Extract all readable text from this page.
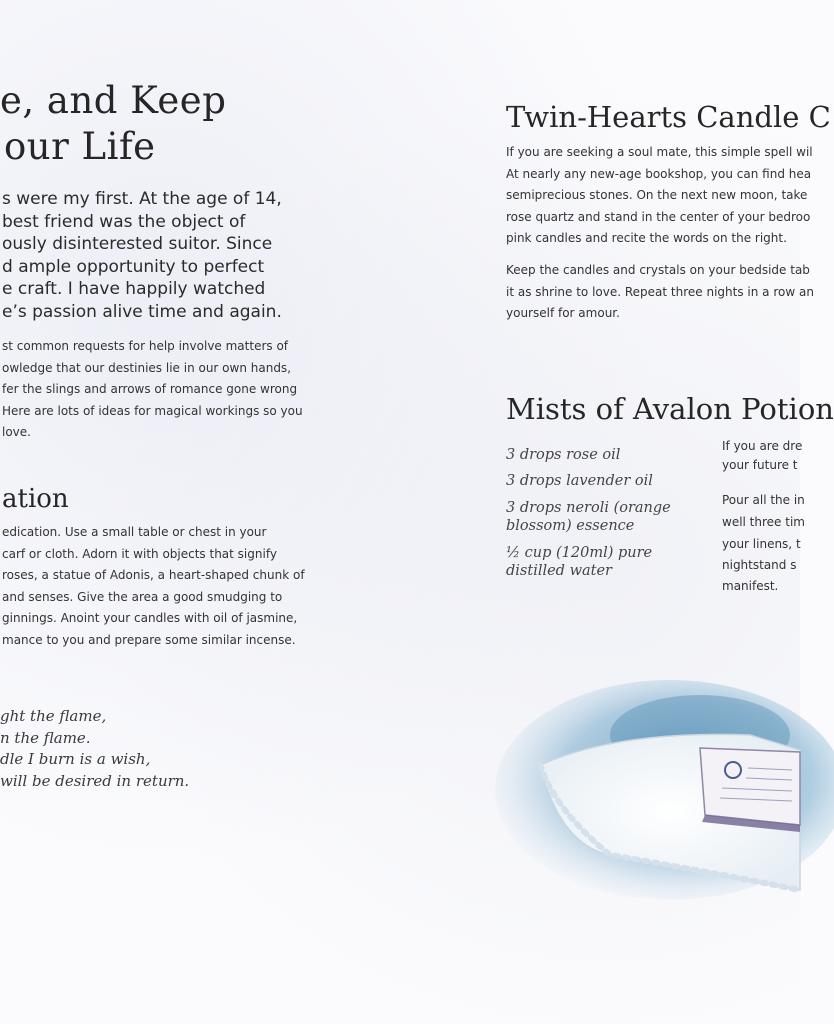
e, and Keep
our Life

s were my first. At the age of 14,

best friend was the object of

ously disinterested suitor. Since

d ample opportunity to perfect

e craft. I have happily watched

e’s passion alive time and again.

st common requests for help involve matters of

owledge that our destinies lie in our own hands,

fer the slings and arrows of romance gone wrong

Here are lots of ideas for magical workings so you

love.

ation

edication. Use a small table or chest in your

carf or cloth. Adorn it with objects that signify

roses, a statue of Adonis, a heart-shaped chunk of

and senses. Give the area a good smudging to

ginnings. Anoint your candles with oil of jasmine,

mance to you and prepare some similar incense.

ght the flame,

n the flame.

dle I burn is a wish,

will be desired in return.

Twin-Hearts Candle C

If you are seeking a soul mate, this simple spell wil

At nearly any new-age bookshop, you can find hea

semiprecious stones. On the next new moon, take

rose quartz and stand in the center of your bedroo

pink candles and recite the words on the right.

Keep the candles and crystals on your bedside tab

it as shrine to love. Repeat three nights in a row an

yourself for amour.

Mists of Avalon Potion

3 drops rose oil

3 drops lavender oil

3 drops neroli (orange

blossom) essence

½ cup (120ml) pure

distilled water

If you are dre

your future t

Pour all the in

well three tim

your linens, t

nightstand s

manifest.
